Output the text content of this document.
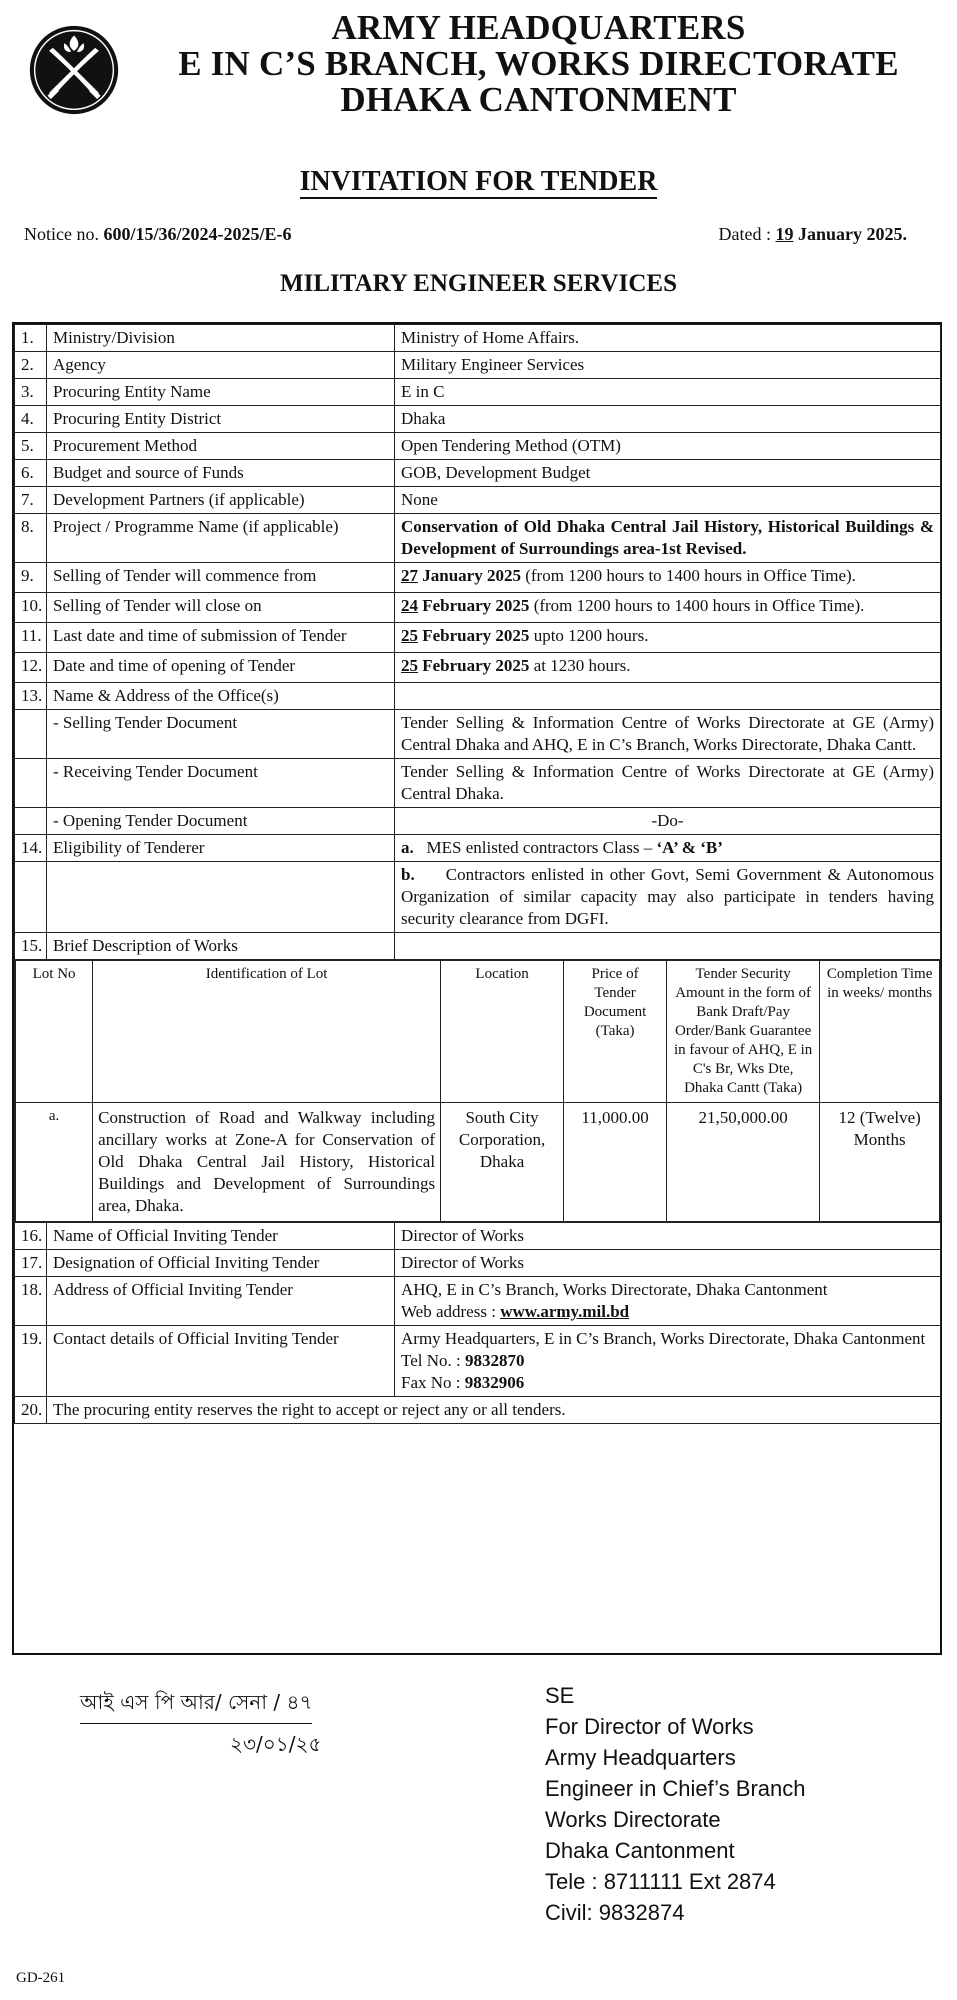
ARMY HEADQUARTERS
E IN C’S BRANCH, WORKS DIRECTORATE
DHAKA CANTONMENT
INVITATION FOR TENDER
Notice no. 600/15/36/2024-2025/E-6	Dated : 19 January 2025.
MILITARY ENGINEER SERVICES
1.	Ministry/Division	Ministry of Home Affairs.
2.	Agency	Military Engineer Services
3.	Procuring Entity Name	E in C
4.	Procuring Entity District	Dhaka
5.	Procurement Method	Open Tendering Method (OTM)
6.	Budget and source of Funds	GOB, Development Budget
7.	Development Partners (if applicable)	None
8.	Project / Programme Name (if applicable)	Conservation of Old Dhaka Central Jail History, Historical Buildings & Development of Surroundings area-1st Revised.
9.	Selling of Tender will commence from	27 January 2025 (from 1200 hours to 1400 hours in Office Time).
10.	Selling of Tender will close on	24 February 2025 (from 1200 hours to 1400 hours in Office Time).
11.	Last date and time of submission of Tender	25 February 2025 upto 1200 hours.
12.	Date and time of opening of Tender	25 February 2025 at 1230 hours.
13.	Name & Address of the Office(s)	
	- Selling Tender Document	Tender Selling & Information Centre of Works Directorate at GE (Army) Central Dhaka and AHQ, E in C’s Branch, Works Directorate, Dhaka Cantt.
	- Receiving Tender Document	Tender Selling & Information Centre of Works Directorate at GE (Army) Central Dhaka.
	- Opening Tender Document	-Do-
14.	Eligibility of Tenderer	a. MES enlisted contractors Class – ‘A’ & ‘B’
		b. Contractors enlisted in other Govt, Semi Government & Autonomous Organization of similar capacity may also participate in tenders having security clearance from DGFI.
15.	Brief Description of Works	

Lot No	Identification of Lot	Location	Price of Tender Document (Taka)	Tender Security Amount in the form of Bank Draft/Pay Order/Bank Guarantee in favour of AHQ, E in C's Br, Wks Dte, Dhaka Cantt (Taka)	Completion Time in weeks/ months
a.	Construction of Road and Walkway including ancillary works at Zone-A for Conservation of Old Dhaka Central Jail History, Historical Buildings and Development of Surroundings area, Dhaka.	South City Corporation, Dhaka	11,000.00	21,50,000.00	12 (Twelve) Months

16.	Name of Official Inviting Tender	Director of Works
17.	Designation of Official Inviting Tender	Director of Works
18.	Address of Official Inviting Tender	AHQ, E in C’s Branch, Works Directorate, Dhaka Cantonment
Web address : www.army.mil.bd

19.	Contact details of Official Inviting Tender	Army Headquarters, E in C’s Branch, Works Directorate, Dhaka Cantonment
Tel No. : 9832870
Fax No : 9832906

20.	The procuring entity reserves the right to accept or reject any or all tenders.
আই এস পি আর/ সেনা / ৪৭
২৩/০১/২৫
SE
For Director of Works
Army Headquarters
Engineer in Chief’s Branch
Works Directorate
Dhaka Cantonment
Tele : 8711111 Ext 2874
Civil: 9832874
GD-261
